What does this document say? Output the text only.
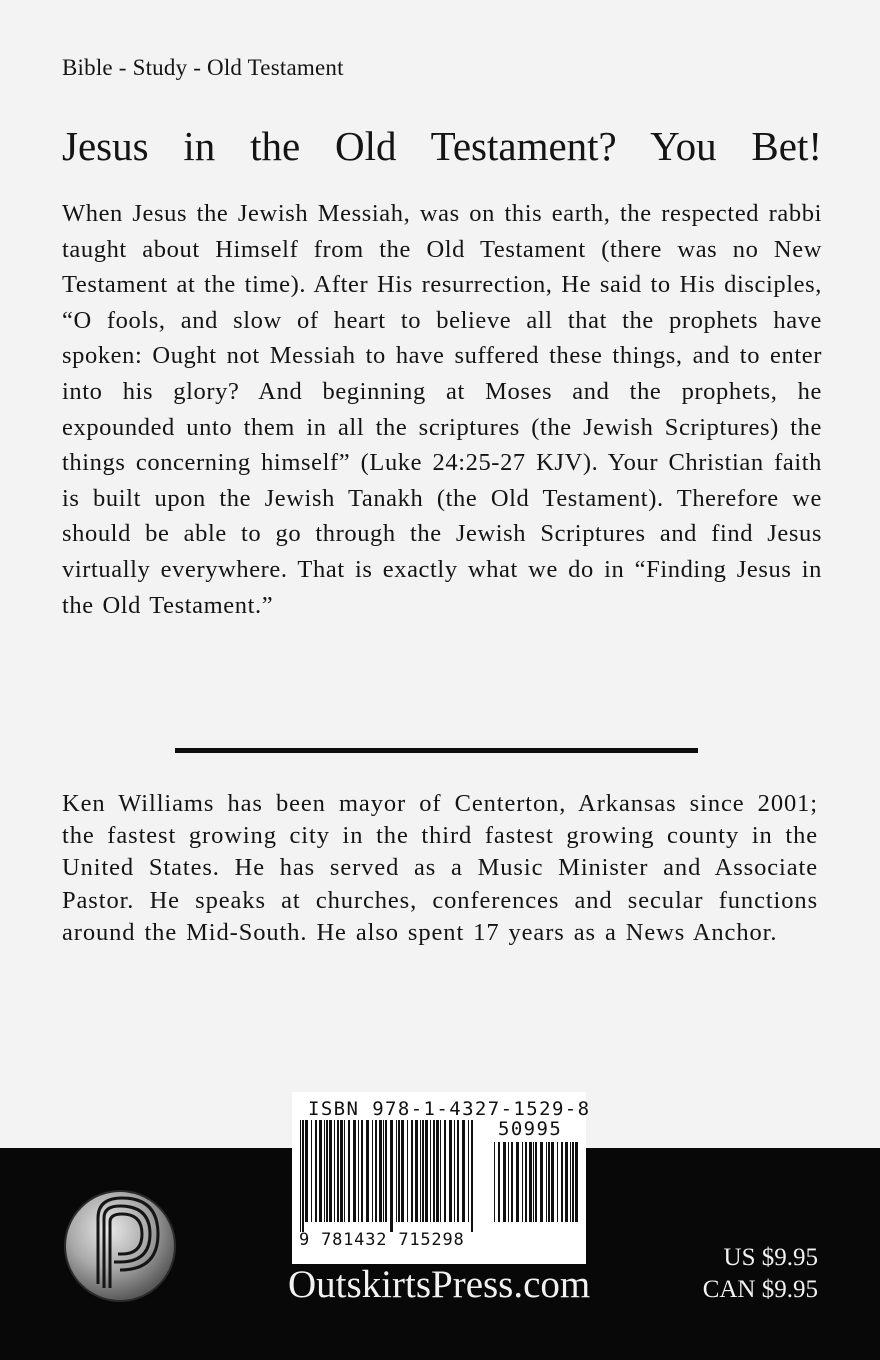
Bible - Study - Old Testament
Jesus in the Old Testament? You Bet!

When Jesus the Jewish Messiah, was on this earth, the respected rabbi taught about Himself from the Old Testament (there was no New Testament at the time). After His resurrection, He said to His disciples, “O fools, and slow of heart to believe all that the prophets have spoken: Ought not Messiah to have suffered these things, and to enter into his glory? And beginning at Moses and the prophets, he expounded unto them in all the scriptures (the Jewish Scriptures) the things concerning himself” (Luke 24:25-27 KJV). Your Christian faith is built upon the Jewish Tanakh (the Old Testament). Therefore we should be able to go through the Jewish Scriptures and find Jesus virtually everywhere. That is exactly what we do in “Finding Jesus in the Old Testament.”

Ken Williams has been mayor of Centerton, Arkansas since 2001; the fastest growing city in the third fastest growing county in the United States. He has served as a Music Minister and Associate Pastor. He speaks at churches, conferences and secular functions around the Mid-South. He also spent 17 years as a News Anchor.

ISBN 978-1-4327-1529-8
50995
9 781432 715298
OutskirtsPress.com
US $9.95
CAN $9.95
